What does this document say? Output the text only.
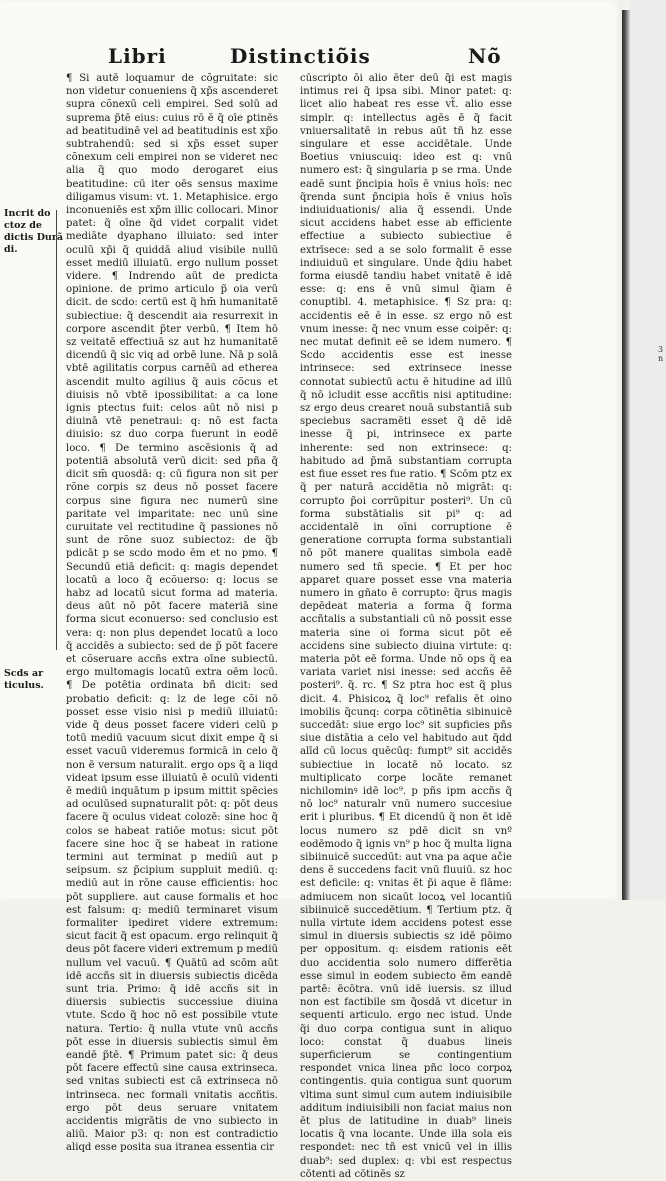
Libri	Distinctiõis	Nõ
Incrit do ctoz de dictis Durã di.
Scds ar ticulus.

¶ Si autē loquamur de cõgruitate: sic non videtur conueniens q̃ xp̃s ascenderet supra cõnexū celi empirei. Sed solū ad suprema p̃tē eius: cuius rō ē q̃ oīe ꝑtinēs ad beatitudinē vel ad beatitudinis est xp̃o subtrahendū: sed si xp̃s esset super cõnexum celi empirei non se videret nec alia q̃ quo modo derogaret eius beatitudine: cū iter oēs sensus maxime diligamus visum: vt. 1. Metaphisice. ergo inconueniēs est xp̃m illic collocari. Minor patet: q̃ oīne q̃d videt corpalit videt mediāte dyaphano illuiato: sed inter oculū xp̃i q̃ quiddā aliud visibile nullū esset mediū illuiatū. ergo nullum posset videre. ¶ Indrendo aūt de predicta opinione. de primo articulo p̃ oia verū dicit. de scdo: certū est q̃ hm̄ humanitatē subiectiue: q̃ descendit aia resurrexit in corpore ascendit p̃ter verbū. ¶ Item hō sz veitatē effectiuā sz aut hz humanitatē dicendū q̃ sic viq ad orbē lune. Nā p solā vbtē agilitatis corpus carnēū ad etherea ascendit multo agilius q̃ auis cõcus et diuisis nō vbtē ipossibilitat: a ca lone ignis ptectus fuit: celos aūt nō nisi p diuinā vtē penetraui: q: nō est facta diuisio: sz duo corpa fuerunt in eodē loco. ¶ De termino ascēsionis q̃ ad potentiā absolutā verū dicit: sed pña q̃ dicit sm̄ quosdā: q: cū figura non sit per rõne corpis sz deus nō posset facere corpus sine figura nec numerū sine paritate vel imparitate: nec unū sine curuitate vel rectitudine q̃ passiones nō sunt de rõne suoz subiectoz: de q̃b pdicāt p se scdo modo ēm et no pmo. ¶ Secundū etiā deficit: q: magis dependet locatū a loco q̃ ecõuerso: q: locus se habz ad locatū sicut forma ad materia. deus aūt nō pōt facere materiā sine forma sicut econuerso: sed conclusio est vera: q: non plus dependet locatū a loco q̃ accidēs a subiecto: sed de p̃ pōt facere et cõseruare accñs extra oīne subiectū. ergo multomagis locatū extra oēm locū. ¶ De potētia ordinata bñ dicit: sed probatio deficit: q: lz de lege cõi nō posset esse visio nisi p mediū illuiatū: vide q̃ deus posset facere videri celū p totū mediū vacuum sicut dixit empe q̃ si esset vacuū videremus formicā in celo q̃ non ē versum naturalit. ergo ops q̃ a liqd videat ipsum esse illuiatū ē oculū videnti ē mediū inquātum p ipsum mittit spēcies ad oculūsed supnaturalit pōt: q: pōt deus facere q̃ oculus videat colozē: sine hoc q̃ colos se habeat ratiōe motus: sicut pōt facere sine hoc q̃ se habeat in ratione termini aut terminat p mediū aut p seipsum. sz p̃cipium suppluit mediū. q: mediū aut in rōne cause efficientis: hoc pōt suppliere. aut cause formalis et hoc est falsum: q: mediū terminaret visum formaliter ipediret videre extremum: sicut facit q̃ est opacum. ergo relinquit q̃ deus pōt facere videri extremum p mediū nullum vel vacuū. ¶ Quātū ad scōm aūt idē accñs sit in diuersis subiectis dicēda sunt tria. Primo: q̃ idē accñs sit in diuersis subiectis successiue diuina vtute. Scdo q̃ hoc nō est possibile vtute natura. Tertio: q̃ nulla vtute vnū accñs pōt esse in diuersis subiectis simul ēm eandē p̃tē. ¶ Primum patet sic: q̃ deus pōt facere effectū sine causa extrinseca. sed vnitas subiecti est cā extrinseca nō intrinseca. nec formali vnitatis accñtis. ergo pōt deus seruare vnitatem accidentis migrātis de vno subiecto in aliū. Maior p3: q: non est contradictio aliqd esse posita sua itranea essentia cir

cūscripto ōi alio ēter deū q̃i est magis intimus rei q̃ ipsa sibi. Minor patet: q: licet alio habeat res esse vt̃. alio esse simplr. q: intellectus agēs ē q̃ facit vniuersalitatē in rebus aūt tñ hz esse singulare et esse accidētale. Unde Boetius vniuscuiq: ideo est q: vnū numero est: q̃ singularia p se rma. Unde eadē sunt p̃ncipia hoīs ē vnius hoīs: nec q̃renda sunt p̃ncipia hoīs ē vnius hoīs indiuiduationis/ alia q̃ essendi. Unde sicut accidens habet esse ab efficiente effectiue a subiecto subiectiue ē extrīsece: sed a se solo formalit ē esse indiuiduū et singulare. Unde q̃diu habet forma eiusdē tandiu habet vnitatē ē idē esse: q: ens ē vnū simul q̃iam ē conuptibl. 4. metaphisice. ¶ Sz pra: q: accidentis eē ē in esse. sz ergo nō est vnum inesse: q̃ nec vnum esse coipēr: q: nec mutat definit eē se idem numero. ¶ Scdo accidentis esse est inesse intrinsece: sed extrinsece inesse connotat subiectū actu ē hitudine ad illū q̃ nō icludit esse accñtis nisi aptitudine: sz ergo deus crearet nouā substantiā sub speciebus sacramēti esset q̃ dē idē inesse q̃ pi, intrinsece ex parte inherente: sed non extrinsece: q: habitudo ad p̃mā substantiam corrupta est fiue esset res fue ratio. ¶ Scōm ptz ex q̃ per naturā accidētia nō migrāt: q: corrupto p̃oi corrūpitur posteri⁹. Un cū forma substātialis sit pi⁹ q: ad accidentalē in oīni corruptione ē generatione corrupta forma substantiali nō pōt manere qualitas simbola eadē numero sed tñ specie. ¶ Et per hoc apparet quare posset esse vna materia numero in gñato ē corrupto: q̃rus magis depēdeat materia a forma q̃ forma accñtalis a substantiali cū nō possit esse materia sine oi forma sicut pōt eē accidens sine subiecto diuina virtute: q: materia pōt eē forma. Unde nō ops q̃ ea variata variet nisi inesse: sed accñs ēē posteri⁹. q̃. rc. ¶ Sz ptra hoc est q̃ plus dicit. 4. Phisicoꝝ q̃ loc⁹ refalis ēt oino imobilis q̃cunq: corpa cōtinētia sibinuicē succedāt: siue ergo loc⁹ sit supficies pñs siue distātia a celo vel habitudo aut q̃dd alīd cū locus quēcūq: fumpt⁹ sit accidēs subiectiue in locatē nō locato. sz multiplicato corpe locāte remanet nichilominꝰ idē loc⁹. p pñs ipm accñs q̃ nō loc⁹ naturalr vnū numero succesiue erit i pluribus. ¶ Et dicendū q̃ non ēt idē locus numero sz pdē dicit sn vnº eodēmodo q̃ ignis vn⁹ p hoc q̃ multa ligna sibiinuicē succedūt: aut vna pa aque ačie dens ē succedens facit vnū fluuiū. sz hoc est deficile: q: vnitas ēt p̃i aque ē flāme: admiucem non sicaūt locoꝝ vel locantiū sibiinuicē succedētium. ¶ Tertium ptz. q̃ nulla virtute idem accidens potest esse simul in diuersis subiectis sz idē pōimo per oppositum. q: eisdem rationis eēt duo accidentia solo numero differētia esse simul in eodem subiecto ēm eandē partē: ēcōtra. vnū idē iuersis. sz illud non est factibile sm q̃osdā vt dicetur in sequenti articulo. ergo nec istud. Unde q̃i duo corpa contigua sunt in aliquo loco: constat q̃ duabus lineis superficierum se contingentium respondet vnica linea pñc loco corpoꝝ contingentis. quia contigua sunt quorum vltima sunt simul cum autem indiuisibile additum indiuisibili non faciat maius non ēt plus de latitudine in duab⁹ lineis locatis q̃ vna locante. Unde illa sola eis respondet: nec tñ est vnicū vel in illis duab⁹: sed duplex: q: vbi est respectus cōtenti ad cōtinēs sz

3 n
